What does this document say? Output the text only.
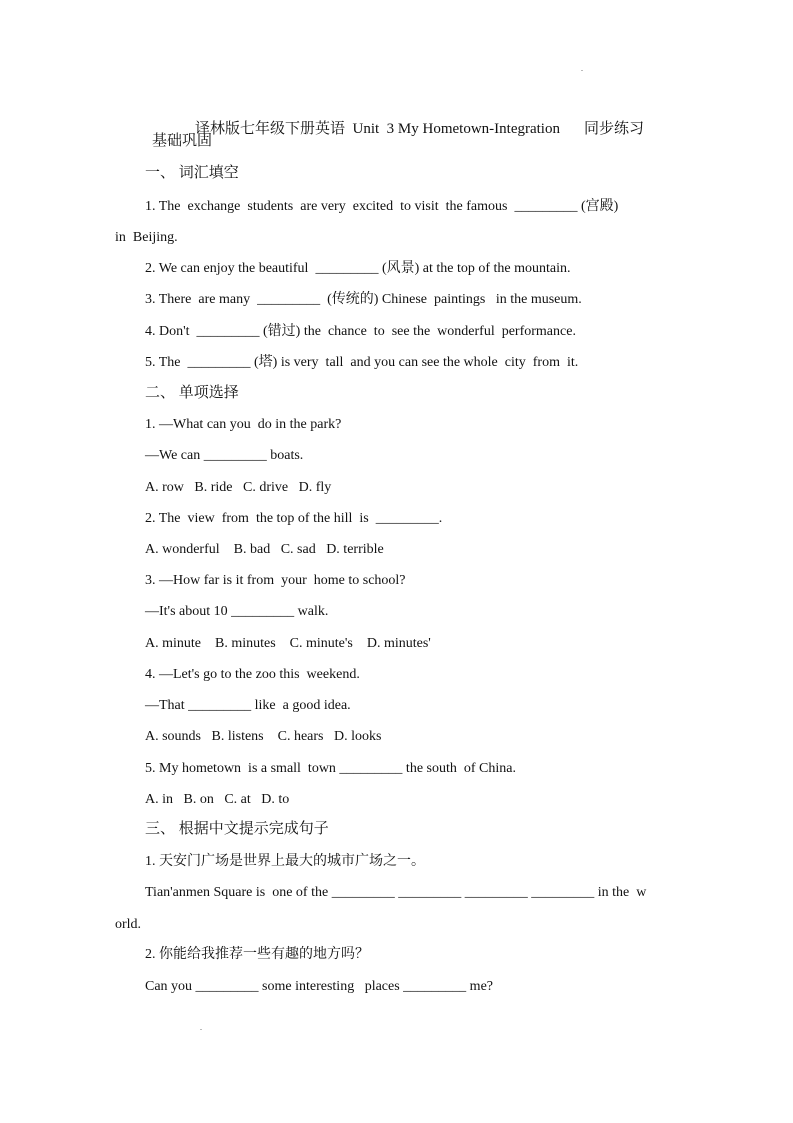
译林版七年级下册英语  Unit  3 My Hometown-Integration 同步练习

基础巩固
一、 词汇填空
1. The  exchange  students  are very  excited  to visit  the famous  _________ (宫殿)
in  Beijing.
2. We can enjoy the beautiful  _________ (风景) at the top of the mountain.
3. There  are many  _________  (传统的) Chinese  paintings   in the museum.
4. Don't  _________ (错过) the  chance  to  see the  wonderful  performance.
5. The  _________ (塔) is very  tall  and you can see the whole  city  from  it.
二、 单项选择
1. —What can you  do in the park?
—We can _________ boats.
A. row   B. ride   C. drive   D. fly
2. The  view  from  the top of the hill  is  _________.
A. wonderful    B. bad   C. sad   D. terrible
3. —How far is it from  your  home to school?
—It's about 10 _________ walk.
A. minute    B. minutes    C. minute's    D. minutes'
4. —Let's go to the zoo this  weekend.
—That _________ like  a good idea.
A. sounds   B. listens    C. hears   D. looks
5. My hometown  is a small  town _________ the south  of China.
A. in   B. on   C. at   D. to
三、 根据中文提示完成句子
1. 天安门广场是世界上最大的城市广场之一。
Tian'anmen Square is  one of the _________ _________ _________ _________ in the  w
orld.
2. 你能给我推荐一些有趣的地方吗？
Can you _________ some interesting   places _________ me?
